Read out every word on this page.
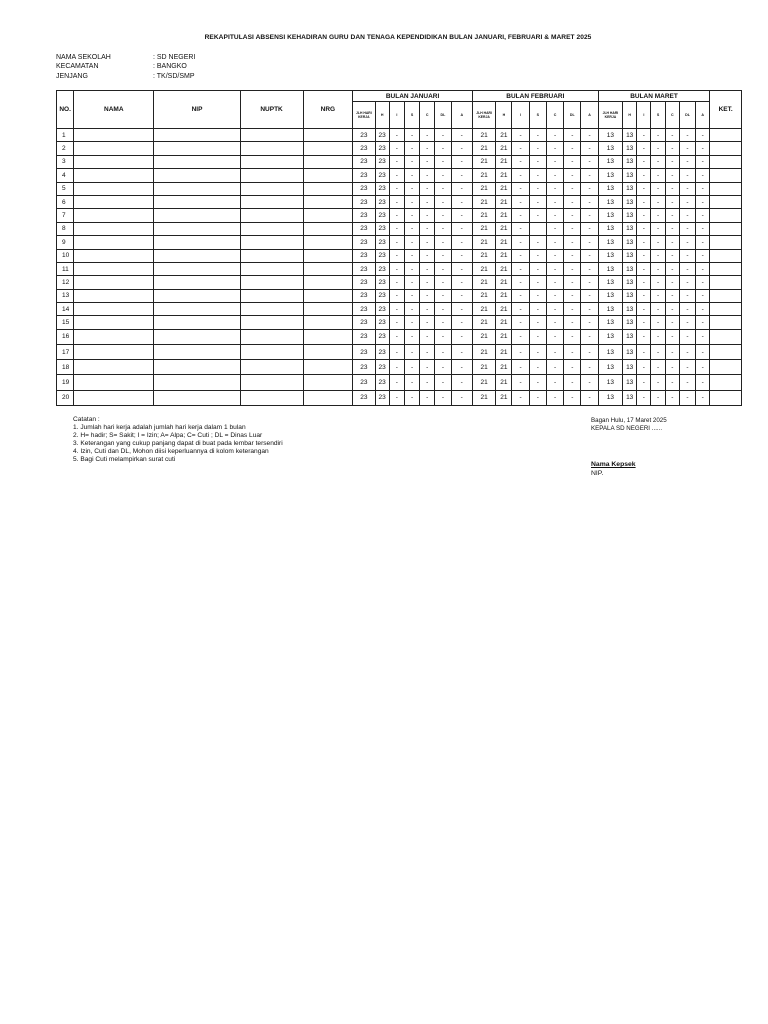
REKAPITULASI ABSENSI KEHADIRAN GURU DAN TENAGA KEPENDIDIKAN BULAN JANUARI, FEBRUARI & MARET 2025
NAMA SEKOLAH	: SD NEGERI
KECAMATAN	: BANGKO
JENJANG	: TK/SD/SMP
NO.	NAMA	NIP	NUPTK	NRG	BULAN JANUARI							BULAN FEBRUARI							BULAN MARET							KET.
					JLH HARI KERJA	H	I	S	C	DL	A	JLH HARI KERJA	H	I	S	C	DL	A	JLH HARI KERJA	H	I	S	C	DL	A	
1					23	23	-	-	-	-	-	21	21	-	-	-	-	-	13	13	-	-	-	-	-	
2					23	23	-	-	-	-	-	21	21	-	-	-	-	-	13	13	-	-	-	-	-	
3					23	23	-	-	-	-	-	21	21	-	-	-	-	-	13	13	-	-	-	-	-	
4					23	23	-	-	-	-	-	21	21	-	-	-	-	-	13	13	-	-	-	-	-	
5					23	23	-	-	-	-	-	21	21	-	-	-	-	-	13	13	-	-	-	-	-	
6					23	23	-	-	-	-	-	21	21	-	-	-	-	-	13	13	-	-	-	-	-	
7					23	23	-	-	-	-	-	21	21	-	-	-	-	-	13	13	-	-	-	-	-	
8					23	23	-	-	-	-	-	21	21	-		-	-	-	13	13	-	-	-	-	-	
9					23	23	-	-	-	-	-	21	21	-	-	-	-	-	13	13	-	-	-	-	-	
10					23	23	-	-	-	-	-	21	21	-	-	-	-	-	13	13	-	-	-	-	-	
11					23	23	-	-	-	-	-	21	21	-	-	-	-	-	13	13	-	-	-	-	-	
12					23	23	-	-	-	-	-	21	21	-	-	-	-	-	13	13	-	-	-	-	-	
13					23	23	-	-	-	-	-	21	21	-	-	-	-	-	13	13	-	-	-	-	-	
14					23	23	-	-	-	-	-	21	21	-	-	-	-	-	13	13	-	-	-	-	-	
15					23	23	-	-	-	-	-	21	21	-	-	-	-	-	13	13	-	-	-	-	-	
16					23	23	-	-	-	-	-	21	21	-	-	-	-	-	13	13	-	-	-	-	-	
17					23	23	-	-	-	-	-	21	21	-	-	-	-	-	13	13	-	-	-	-	-	
18					23	23	-	-	-	-	-	21	21	-	-	-	-	-	13	13	-	-	-	-	-	
19					23	23	-	-	-	-	-	21	21	-	-	-	-	-	13	13	-	-	-	-	-	
20					23	23	-	-	-	-	-	21	21	-	-	-	-	-	13	13	-	-	-	-	-	
Catatan :
1. Jumlah hari kerja adalah jumlah hari kerja dalam 1 bulan
2. H= hadir; S= Sakit; I = Izin; A= Alpa; C= Cuti ; DL = Dinas Luar
3. Keterangan yang cukup panjang dapat di buat pada lembar tersendiri
4. Izin, Cuti dan DL, Mohon diisi keperluannya di kolom keterangan
5. Bagi Cuti melampirkan surat cuti
Bagan Hulu, 17 Maret 2025
KEPALA SD NEGERI ......
Nama Kepsek
NIP.
